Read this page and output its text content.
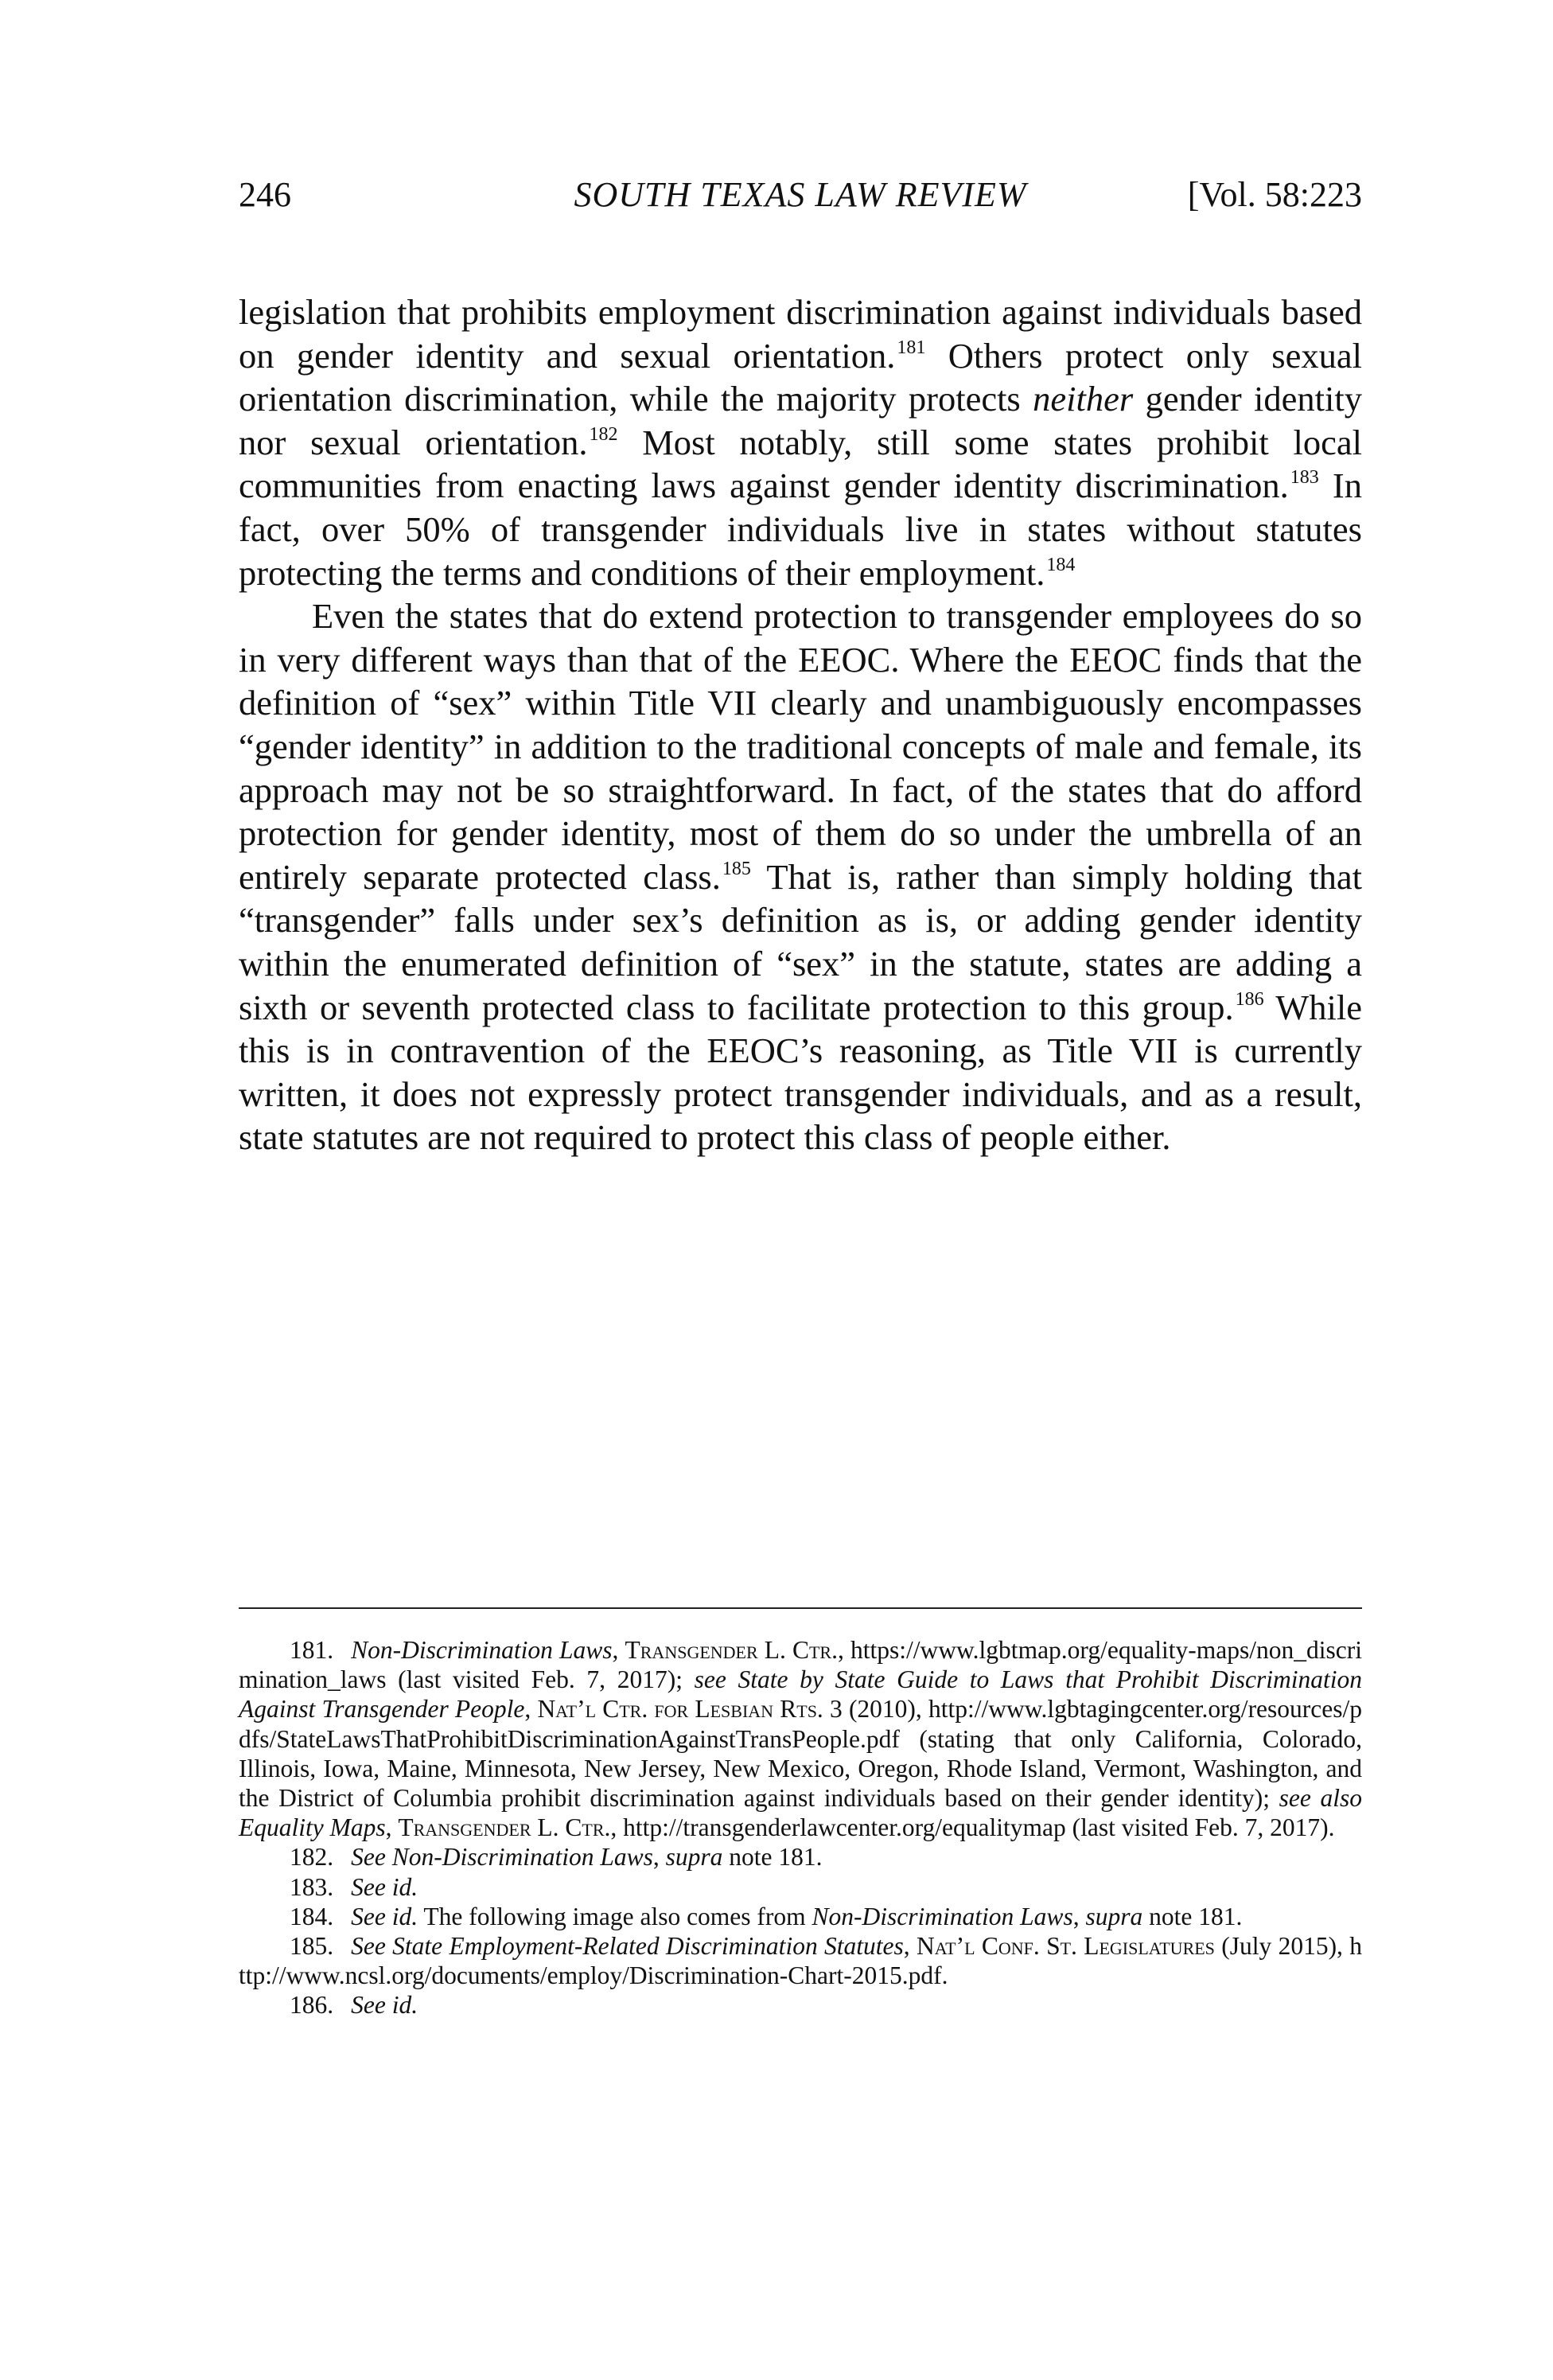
246	SOUTH TEXAS LAW REVIEW	[Vol. 58:223

legislation that prohibits employment discrimination against individuals based on gender identity and sexual orientation.$^{181}$ Others protect only sexual orientation discrimination, while the majority protects neither gender identity nor sexual orientation.$^{182}$ Most notably, still some states prohibit local communities from enacting laws against gender identity discrimination.$^{183}$ In fact, over 50% of transgender individuals live in states without statutes protecting the terms and conditions of their employment.$^{184}$

Even the states that do extend protection to transgender employees do so in very different ways than that of the EEOC. Where the EEOC finds that the definition of “sex” within Title VII clearly and unambiguously encompasses “gender identity” in addition to the traditional concepts of male and female, its approach may not be so straightforward. In fact, of the states that do afford protection for gender identity, most of them do so under the umbrella of an entirely separate protected class.$^{185}$ That is, rather than simply holding that “transgender” falls under sex’s definition as is, or adding gender identity within the enumerated definition of “sex” in the statute, states are adding a sixth or seventh protected class to facilitate protection to this group.$^{186}$ While this is in contravention of the EEOC’s reasoning, as Title VII is currently written, it does not expressly protect transgender individuals, and as a result, state statutes are not required to protect this class of people either.

181. Non-Discrimination Laws, Transgender L. Ctr., https://www.lgbtmap.org/equality-maps/non_discrimination_laws (last visited Feb. 7, 2017); see State by State Guide to Laws that Prohibit Discrimination Against Transgender People, Nat’l Ctr. for Lesbian Rts. 3 (2010), http://www.lgbtagingcenter.org/resources/pdfs/StateLawsThatProhibitDiscriminationAgainstTransPeople.pdf (stating that only California, Colorado, Illinois, Iowa, Maine, Minnesota, New Jersey, New Mexico, Oregon, Rhode Island, Vermont, Washington, and the District of Columbia prohibit discrimination against individuals based on their gender identity); see also Equality Maps, Transgender L. Ctr., http://transgenderlawcenter.org/equalitymap (last visited Feb. 7, 2017).

182. See Non-Discrimination Laws, supra note 181.

183. See id.

184. See id. The following image also comes from Non-Discrimination Laws, supra note 181.

185. See State Employment-Related Discrimination Statutes, Nat’l Conf. St. Legislatures (July 2015), http://www.ncsl.org/documents/employ/Discrimination-Chart-2015.pdf.

186. See id.
